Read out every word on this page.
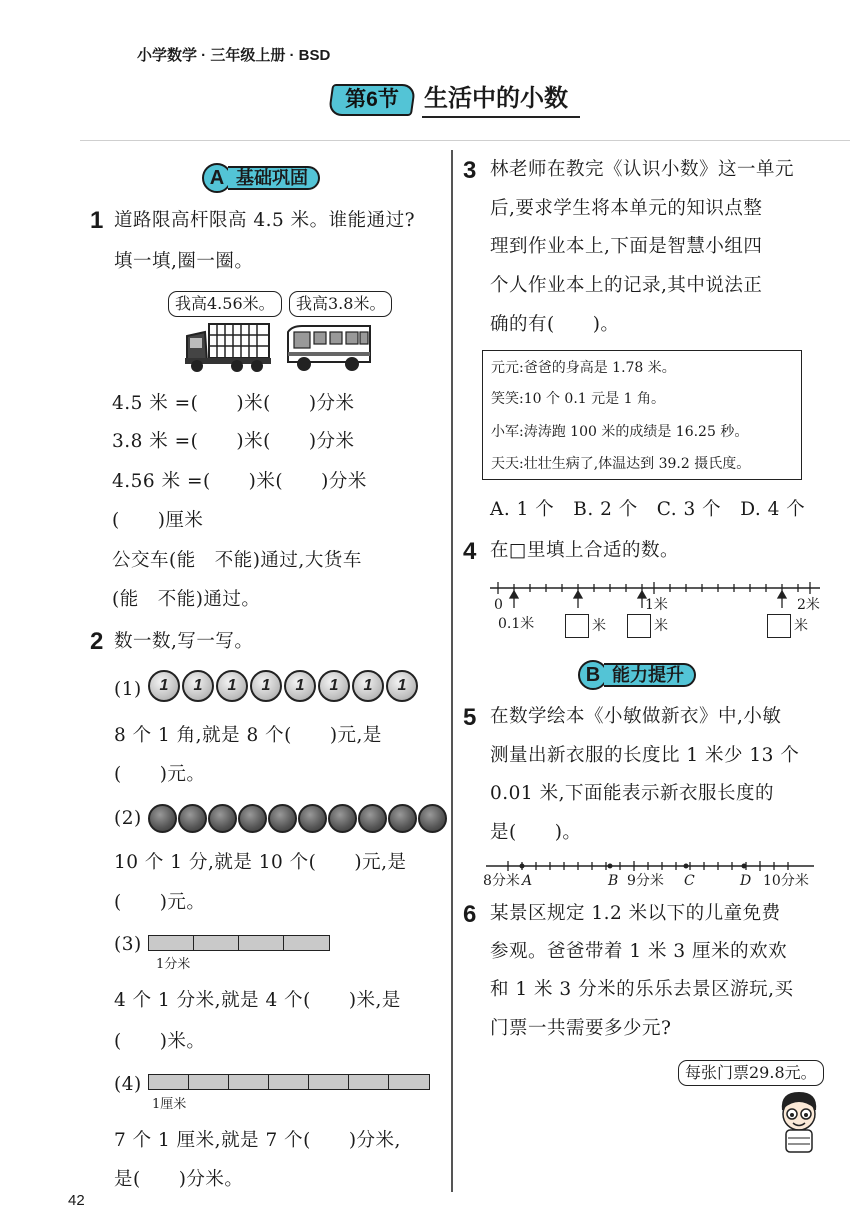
小学数学 · 三年级上册 · BSD
第6节	生活中的小数
A 基础巩固
1 道路限高杆限高 4.5 米。谁能通过?
填一填,圈一圈。
我高4.56米。	我高3.8米。
4.5 米 =(　　)米(　　)分米
3.8 米 =(　　)米(　　)分米
4.56 米 =(　　)米(　　)分米
(　　)厘米
公交车(能　不能)通过,大货车
(能　不能)通过。
2 数一数,写一写。
(1) 1 1 1 1 1 1 1 1
8 个 1 角,就是 8 个(　　)元,是
(　　)元。
(2)
10 个 1 分,就是 10 个(　　)元,是
(　　)元。
(3)
1分米
4 个 1 分米,就是 4 个(　　)米,是
(　　)米。
(4)
1厘米
7 个 1 厘米,就是 7 个(　　)分米,
是(　　)分米。
3 林老师在教完《认识小数》这一单元
后,要求学生将本单元的知识点整
理到作业本上,下面是智慧小组四
个人作业本上的记录,其中说法正
确的有(　　)。
元元:爸爸的身高是 1.78 米。
笑笑:10 个 0.1 元是 1 角。
小军:涛涛跑 100 米的成绩是 16.25 秒。
天天:壮壮生病了,体温达到 39.2 摄氏度。
A. 1 个　B. 2 个　C. 3 个　D. 4 个
4 在□里填上合适的数。
0	1米	2米
0.1米	米	米	米
B 能力提升
5 在数学绘本《小敏做新衣》中,小敏
测量出新衣服的长度比 1 米少 13 个
0.01 米,下面能表示新衣服长度的
是(　　)。
8分米 A	B 9分米 C	D 10分米
6 某景区规定 1.2 米以下的儿童免费
参观。爸爸带着 1 米 3 厘米的欢欢
和 1 米 3 分米的乐乐去景区游玩,买
门票一共需要多少元?
每张门票29.8元。
42
